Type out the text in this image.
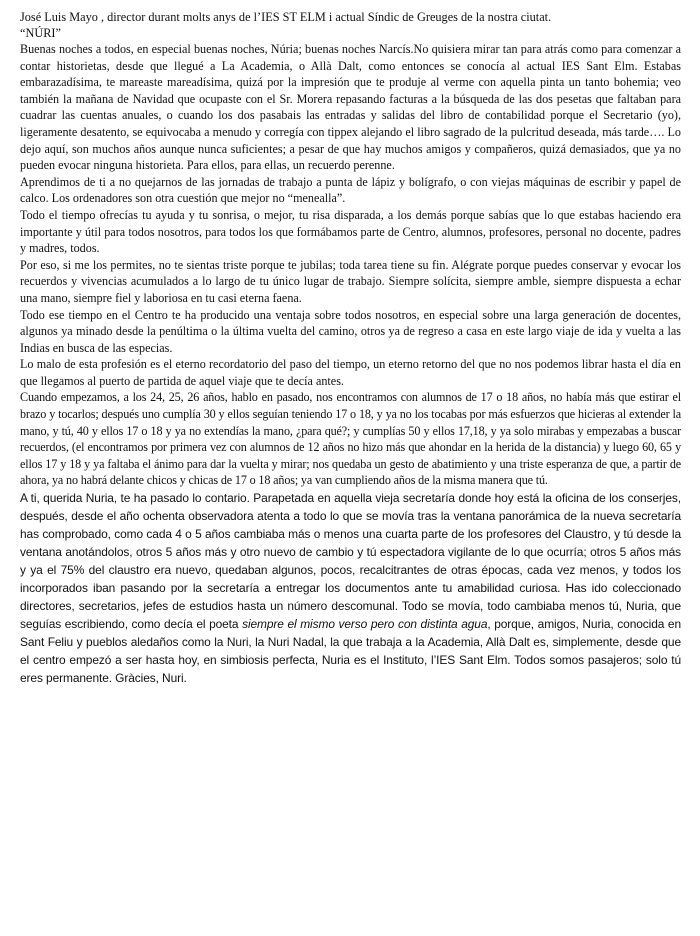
José Luis Mayo , director durant molts anys de l’IES ST ELM i actual Síndic de Greuges de la nostra ciutat.

“NÚRI”

Buenas noches a todos, en especial buenas noches, Núria; buenas noches Narcís.No quisiera mirar tan para atrás como para comenzar a contar historietas, desde que llegué a La Academia, o Allà Dalt, como entonces se conocía al actual IES Sant Elm. Estabas embarazadísima, te mareaste mareadísima, quizá por la impresión que te produje al verme con aquella pinta un tanto bohemia; veo también la mañana de Navidad que ocupaste con el Sr. Morera repasando facturas a la búsqueda de las dos pesetas que faltaban para cuadrar las cuentas anuales, o cuando los dos pasabais las entradas y salidas del libro de contabilidad porque el Secretario (yo), ligeramente desatento, se equivocaba a menudo y corregía con tippex alejando el libro sagrado de la pulcritud deseada, más tarde…. Lo dejo aquí, son muchos años aunque nunca suficientes; a pesar de que hay muchos amigos y compañeros, quizá demasiados, que ya no pueden evocar ninguna historieta. Para ellos, para ellas, un recuerdo perenne.

Aprendimos de ti a no quejarnos de las jornadas de trabajo a punta de lápiz y bolígrafo, o con viejas máquinas de escribir y papel de calco. Los ordenadores son otra cuestión que mejor no “menealla”.

Todo el tiempo ofrecías tu ayuda y tu sonrisa, o mejor, tu risa disparada, a los demás porque sabías que lo que estabas haciendo era importante y útil para todos nosotros, para todos los que formábamos parte de Centro, alumnos, profesores, personal no docente, padres y madres, todos.

Por eso, si me los permites, no te sientas triste porque te jubilas; toda tarea tiene su fin. Alégrate porque puedes conservar y evocar los recuerdos y vivencias acumulados a lo largo de tu único lugar de trabajo. Siempre solícita, siempre amble, siempre dispuesta a echar una mano, siempre fiel y laboriosa en tu casi eterna faena.

Todo ese tiempo en el Centro te ha producido una ventaja sobre todos nosotros, en especial sobre una larga generación de docentes, algunos ya minado desde la penúltima o la última vuelta del camino, otros ya de regreso a casa en este largo viaje de ida y vuelta a las Indias en busca de las especias.

Lo malo de esta profesión es el eterno recordatorio del paso del tiempo, un eterno retorno del que no nos podemos librar hasta el día en que llegamos al puerto de partida de aquel viaje que te decía antes.

Cuando empezamos, a los 24, 25, 26 años, hablo en pasado, nos encontramos con alumnos de 17 o 18 años, no había más que estirar el brazo y tocarlos; después uno cumplía 30 y ellos seguían teniendo 17 o 18, y ya no los tocabas por más esfuerzos que hicieras al extender la mano, y tú, 40 y ellos 17 o 18 y ya no extendías la mano, ¿para qué?; y cumplías 50 y ellos 17,18, y ya solo mirabas y empezabas a buscar recuerdos, (el encontramos por primera vez con alumnos de 12 años no hizo más que ahondar en la herida de la distancia) y luego 60, 65 y ellos 17 y 18 y ya faltaba el ánimo para dar la vuelta y mirar; nos quedaba un gesto de abatimiento y una triste esperanza de que, a partir de ahora, ya no habrá delante chicos y chicas de 17 o 18 años; ya van cumpliendo años de la misma manera que tú.

A ti, querida Nuria, te ha pasado lo contario. Parapetada en aquella vieja secretaría donde hoy está la oficina de los conserjes, después, desde el año ochenta observadora atenta a todo lo que se movía tras la ventana panorámica de la nueva secretaría has comprobado, como cada 4 o 5 años cambiaba más o menos una cuarta parte de los profesores del Claustro, y tú desde la ventana anotándolos, otros 5 años más y otro nuevo de cambio y tú espectadora vigilante de lo que ocurría; otros 5 años más y ya el 75% del claustro era nuevo, quedaban algunos, pocos, recalcitrantes de otras épocas, cada vez menos, y todos los incorporados iban pasando por la secretaría a entregar los documentos ante tu amabilidad curiosa. Has ido coleccionado directores, secretarios, jefes de estudios hasta un número descomunal. Todo se movía, todo cambiaba menos tú, Nuria, que seguías escribiendo, como decía el poeta siempre el mismo verso pero con distinta agua, porque, amigos, Nuria, conocida en Sant Feliu y pueblos aledaños como la Nuri, la Nuri Nadal, la que trabaja a la Academia, Allà Dalt es, simplemente, desde que el centro empezó a ser hasta hoy, en simbiosis perfecta, Nuria es el Instituto, l’IES Sant Elm. Todos somos pasajeros; solo tú eres permanente. Gràcies, Nuri.
